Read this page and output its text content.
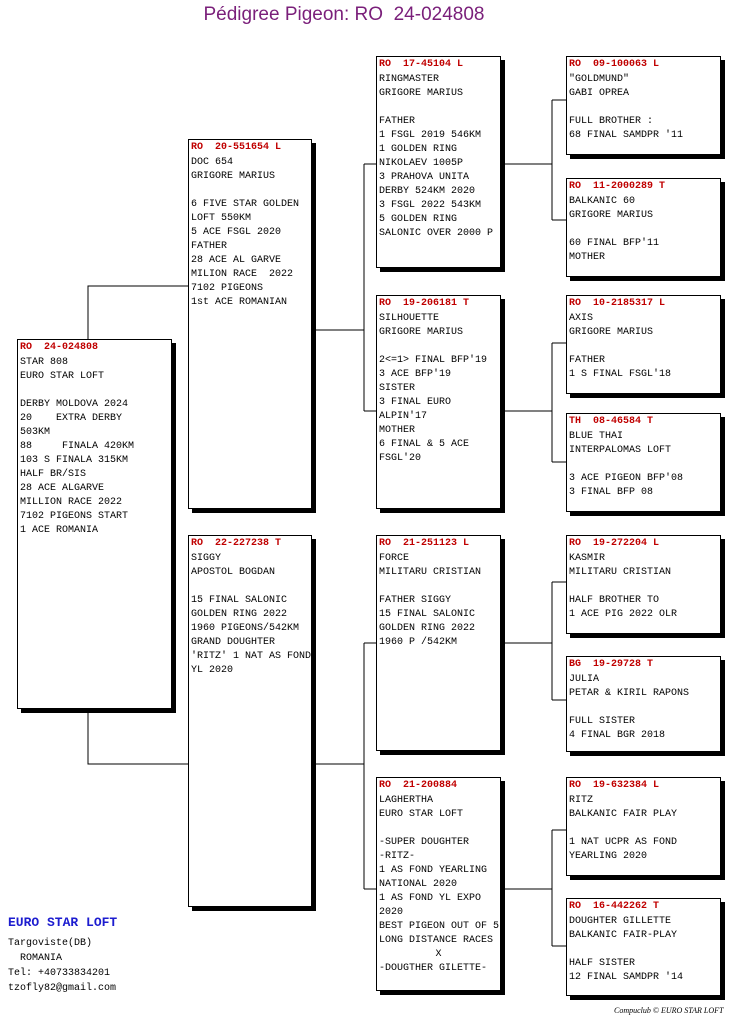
Pédigree Pigeon: RO  24-024808
RO  24-024808
STAR 808
EURO STAR LOFT
DERBY MOLDOVA 2024
20    EXTRA DERBY
503KM
88     FINALA 420KM
103 S FINALA 315KM
HALF BR/SIS
28 ACE ALGARVE
MILLION RACE 2022
7102 PIGEONS START
1 ACE ROMANIA
RO  20-551654 L
DOC 654
GRIGORE MARIUS
6 FIVE STAR GOLDEN
LOFT 550KM
5 ACE FSGL 2020
FATHER
28 ACE AL GARVE
MILION RACE  2022
7102 PIGEONS
1st ACE ROMANIAN
RO  22-227238 T
SIGGY
APOSTOL BOGDAN
15 FINAL SALONIC
GOLDEN RING 2022
1960 PIGEONS/542KM
GRAND DOUGHTER
'RITZ' 1 NAT AS FOND
YL 2020
RO  17-45104 L
RINGMASTER
GRIGORE MARIUS
FATHER
1 FSGL 2019 546KM
1 GOLDEN RING
NIKOLAEV 1005P
3 PRAHOVA UNITA
DERBY 524KM 2020
3 FSGL 2022 543KM
5 GOLDEN RING
SALONIC OVER 2000 P
RO  19-206181 T
SILHOUETTE
GRIGORE MARIUS
2<=1> FINAL BFP'19
3 ACE BFP'19
SISTER
3 FINAL EURO
ALPIN'17
MOTHER
6 FINAL & 5 ACE
FSGL'20
RO  21-251123 L
FORCE
MILITARU CRISTIAN
FATHER SIGGY
15 FINAL SALONIC
GOLDEN RING 2022
1960 P /542KM
RO  21-200884
LAGHERTHA
EURO STAR LOFT
-SUPER DOUGHTER
-RITZ-
1 AS FOND YEARLING
NATIONAL 2020
1 AS FOND YL EXPO
2020
BEST PIGEON OUT OF 5
LONG DISTANCE RACES
X
-DOUGTHER GILETTE-
RO  09-100063 L
"GOLDMUND"
GABI OPREA
FULL BROTHER :
68 FINAL SAMDPR '11
RO  11-2000289 T
BALKANIC 60
GRIGORE MARIUS
60 FINAL BFP'11
MOTHER
RO  10-2185317 L
AXIS
GRIGORE MARIUS
FATHER
1 S FINAL FSGL'18
TH  08-46584 T
BLUE THAI
INTERPALOMAS LOFT
3 ACE PIGEON BFP'08
3 FINAL BFP 08
RO  19-272204 L
KASMIR
MILITARU CRISTIAN
HALF BROTHER TO
1 ACE PIG 2022 OLR
BG  19-29728 T
JULIA
PETAR & KIRIL RAPONS
FULL SISTER
4 FINAL BGR 2018
RO  19-632384 L
RITZ
BALKANIC FAIR PLAY
1 NAT UCPR AS FOND
YEARLING 2020
RO  16-442262 T
DOUGHTER GILLETTE
BALKANIC FAIR-PLAY
HALF SISTER
12 FINAL SAMDPR '14
EURO STAR LOFT
Targoviste(DB)
ROMANIA
Tel: +40733834201
tzofly82@gmail.com
Compuclub © EURO STAR LOFT
